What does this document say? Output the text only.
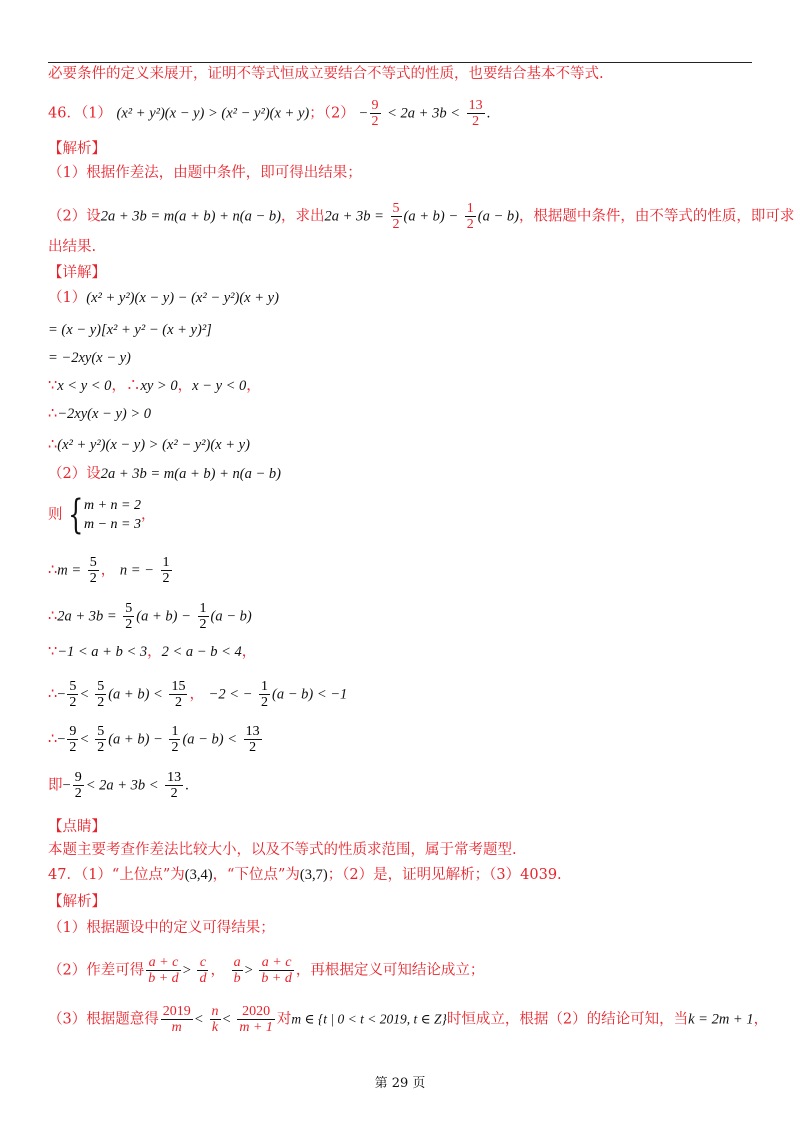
必要条件的定义来展开，证明不等式恒成立要结合不等式的性质，也要结合基本不等式.
46．（1） (x² + y²)(x − y) > (x² − y²)(x + y)；$(2) - \frac{9}{2} < 2a + 3b < \frac{13}{2}$ .
【解析】
（1）根据作差法，由题中条件，即可得出结果；
（2）设2a + 3b = m(a + b) + n(a − b)，求出$2a + 3b = \frac{5}{2} (a + b) - \frac{1}{2} (a - b)$，根据题中条件，由不等式的性质，即可求
出结果.
【详解】
（1）(x² + y²)(x − y) − (x² − y²)(x + y)
= (x − y)[x² + y² − (x + y)²]
= −2xy(x − y)
∵x < y < 0，∴xy > 0，x − y < 0，
∴−2xy(x − y) > 0
∴(x² + y²)(x − y) > (x² − y²)(x + y)
（2）设2a + 3b = m(a + b) + n(a − b)
则 { m + n = 2
m − n = 3
，
∴m = $\frac{5}{2}$ ， n = − $\frac{1}{2}$
∴2a + $3b = \frac{5}{2} (a + b) - \frac{1}{2} (a - b)$
∵−1 < a + b < 3，2 < a − b < 4，
∴− $\frac{5}{2} < \frac{5}{2} (a + b) < \frac{15}{2}$ ， −2 < − $\frac{1}{2} (a - b) < -1$
∴− $\frac{9}{2} < \frac{5}{2} (a + b) - \frac{1}{2} (a - b) < \frac{13}{2}$
即− $\frac{9}{2} < 2a + 3b < \frac{13}{2}$ .
【点睛】
本题主要考查作差法比较大小，以及不等式的性质求范围，属于常考题型.
47．（1）“上位点”为(3,4)，“下位点”为(3,7)；（2）是，证明见解析；（3）4039.
【解析】
（1）根据题设中的定义可得结果；
（2）作差可得 $\frac{a + c}{b + d} > \frac{c}{d}$ ， $\frac{a}{b} > \frac{a + c}{b + d}$ ，再根据定义可知结论成立；
（3）根据题意得 $\frac{2019}{m} < \frac{n}{k} < \frac{2020}{m + 1}$ 对m ∈ {t | 0 < t < 2019, t ∈ Z}时恒成立，根据（2）的结论可知，当k = 2m + 1，
第 29 页
